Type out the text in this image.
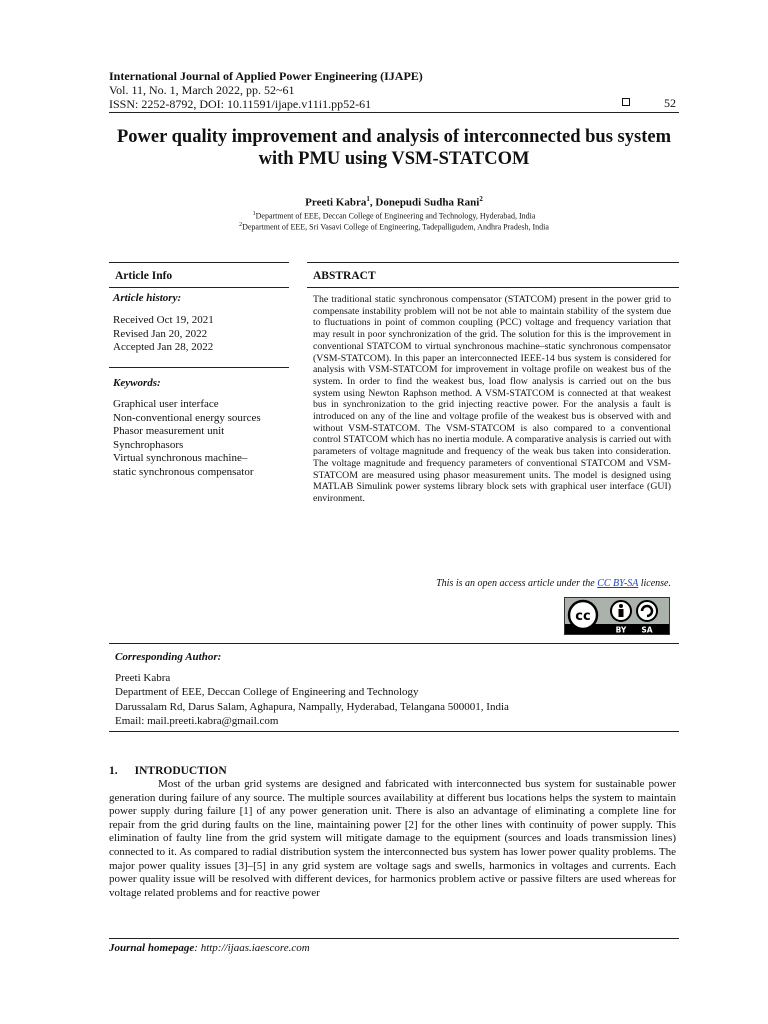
International Journal of Applied Power Engineering (IJAPE)
Vol. 11, No. 1, March 2022, pp. 52~61
ISSN: 2252-8792, DOI: 10.11591/ijape.v11i1.pp52-61	52
Power quality improvement and analysis of interconnected bus system with PMU using VSM-STATCOM
Preeti Kabra$^1$, Donepudi Sudha Rani$^2$
$^1$Department of EEE, Deccan College of Engineering and Technology, Hyderabad, India
$^2$Department of EEE, Sri Vasavi College of Engineering, Tadepalligudem, Andhra Pradesh, India
Article Info
Article history:
Received Oct 19, 2021
Revised Jan 20, 2022
Accepted Jan 28, 2022
Keywords:
Graphical user interface
Non-conventional energy sources
Phasor measurement unit
Synchrophasors
Virtual synchronous machine–
static synchronous compensator
ABSTRACT
The traditional static synchronous compensator (STATCOM) present in the power grid to compensate instability problem will not be not able to maintain stability of the system due to fluctuations in point of common coupling (PCC) voltage and frequency variation that may result in poor synchronization of the grid. The solution for this is the improvement in conventional STATCOM to virtual synchronous machine–static synchronous compensator (VSM-STATCOM). In this paper an interconnected IEEE-14 bus system is considered for analysis with VSM-STATCOM for improvement in voltage profile on weakest bus of the system. In order to find the weakest bus, load flow analysis is carried out on the bus system using Newton Raphson method. A VSM-STATCOM is connected at that weakest bus in synchronization to the grid injecting reactive power. For the analysis a fault is introduced on any of the line and voltage profile of the weakest bus is observed with and without VSM-STATCOM. The VSM-STATCOM is also compared to a conventional control STATCOM which has no inertia module. A comparative analysis is carried out with parameters of voltage magnitude and frequency of the weak bus taken into consideration. The voltage magnitude and frequency parameters of conventional STATCOM and VSM-STATCOM are measured using phasor measurement units. The model is designed using MATLAB Simulink power systems library block sets with graphical user interface (GUI) environment.
This is an open access article under the CC BY-SA license.
cc
BY SA
Corresponding Author:
Preeti Kabra
Department of EEE, Deccan College of Engineering and Technology
Darussalam Rd, Darus Salam, Aghapura, Nampally, Hyderabad, Telangana 500001, India
Email: mail.preeti.kabra@gmail.com
1. INTRODUCTION
Most of the urban grid systems are designed and fabricated with interconnected bus system for sustainable power generation during failure of any source. The multiple sources availability at different bus locations helps the system to maintain power supply during failure [1] of any power generation unit. There is also an advantage of eliminating a complete line for repair from the grid during faults on the line, maintaining power [2] for the other lines with continuity of power supply. This elimination of faulty line from the grid system will mitigate damage to the equipment (sources and loads transmission lines) connected to it. As compared to radial distribution system the interconnected bus system has lower power quality problems. The major power quality issues [3]–[5] in any grid system are voltage sags and swells, harmonics in voltages and currents. Each power quality issue will be resolved with different devices, for harmonics problem active or passive filters are used whereas for voltage related problems and for reactive power
Journal homepage: http://ijaas.iaescore.com
